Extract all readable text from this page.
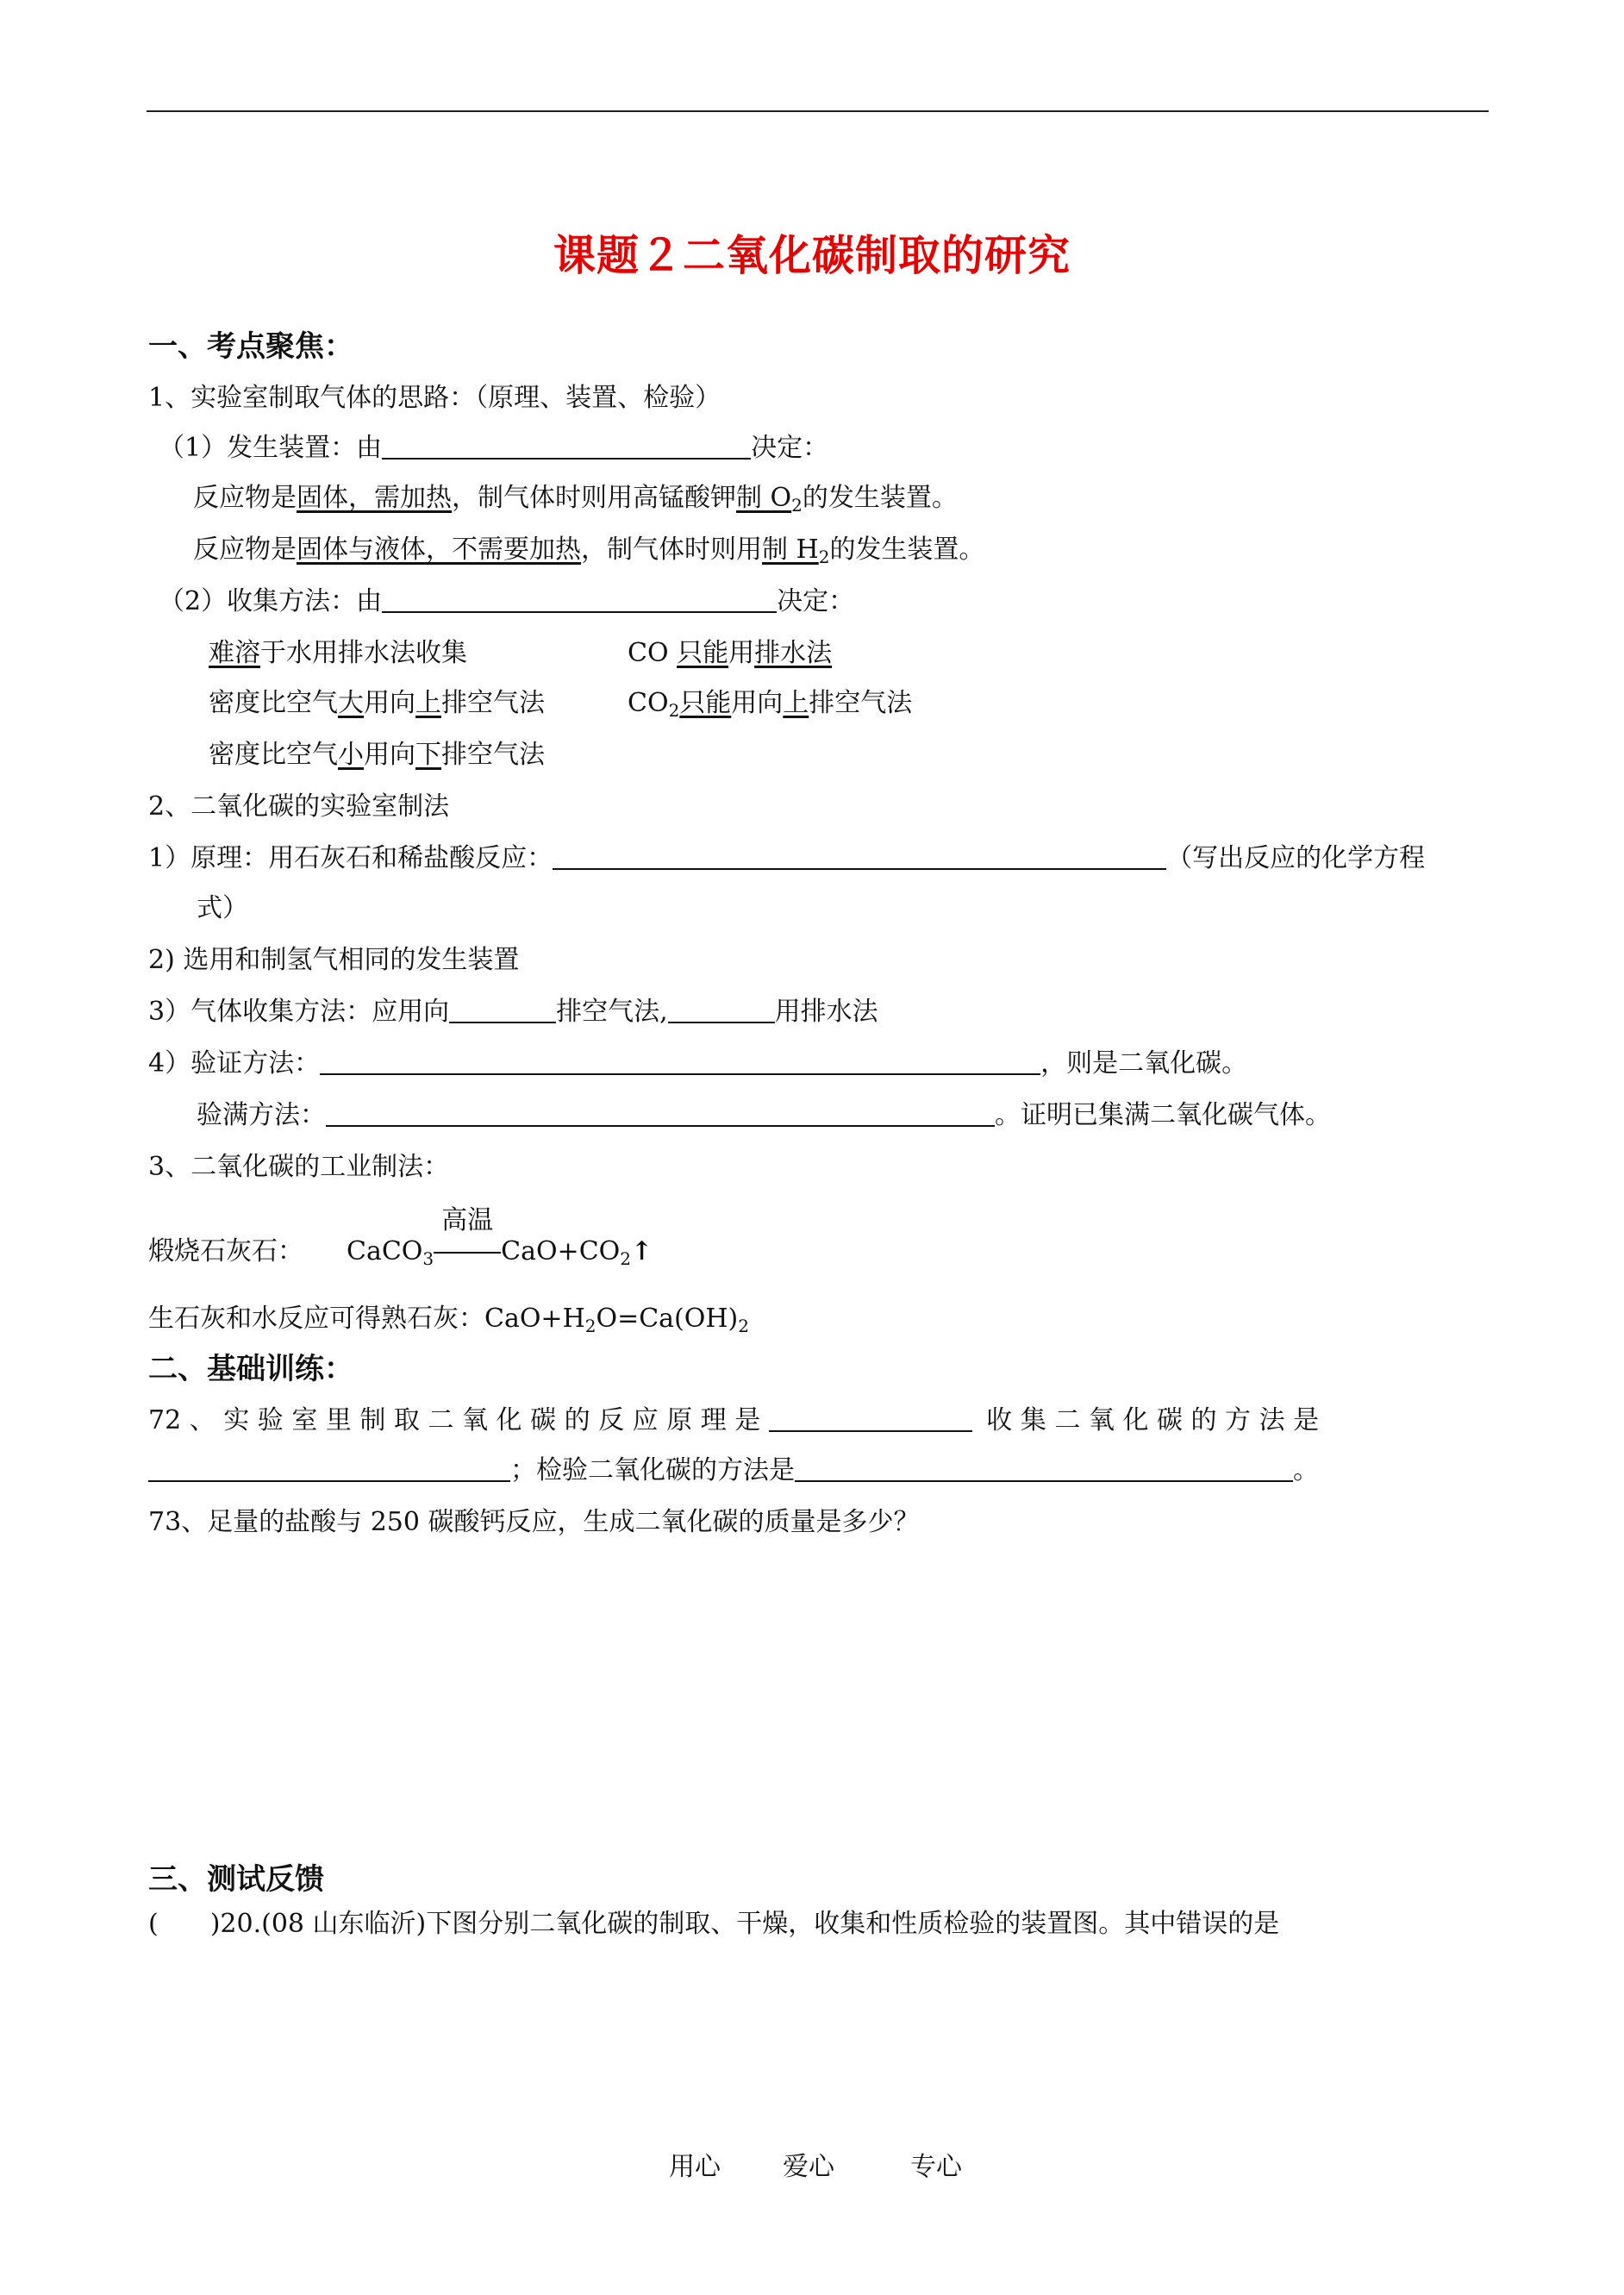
课题２二氧化碳制取的研究
一、考点聚焦：
1、实验室制取气体的思路：（原理、装置、检验）
（1）发生装置：由	决定：
反应物是固体，需加热，制气体时则用高锰酸钾制 $O_2$的发生装置。
反应物是固体与液体，不需要加热，制气体时则用制 $H_2$的发生装置。
（2）收集方法：由	决定：
难溶于水用排水法收集	CO 只能用排水法
密度比空气大用向上排空气法	$CO_2$只能用向上排空气法
密度比空气小用向下排空气法
2、二氧化碳的实验室制法
1）原理：用石灰石和稀盐酸反应：	（写出反应的化学方程
式）
2) 选用和制氢气相同的发生装置
3）气体收集方法：应用向	排空气法,	用排水法
4）验证方法：	，则是二氧化碳。
验满方法：	。证明已集满二氧化碳气体。
3、二氧化碳的工业制法：
煅烧石灰石： CaCO$_3$
高温
$CaO+CO_2↑$
生石灰和水反应可得熟石灰：$CaO+H_2O=Ca(OH)_2$
二、基础训练：
72 、 实 验 室 里 制 取 二 氧 化 碳 的 反 应 原 理 是	收 集 二 氧 化 碳 的 方 法 是
；检验二氧化碳的方法是	。
73、足量的盐酸与 250 碳酸钙反应，生成二氧化碳的质量是多少？
三、测试反馈
(　　)20.(08 山东临沂)下图分别二氧化碳的制取、干燥，收集和性质检验的装置图。其中错误的是
用心 爱心	专心
